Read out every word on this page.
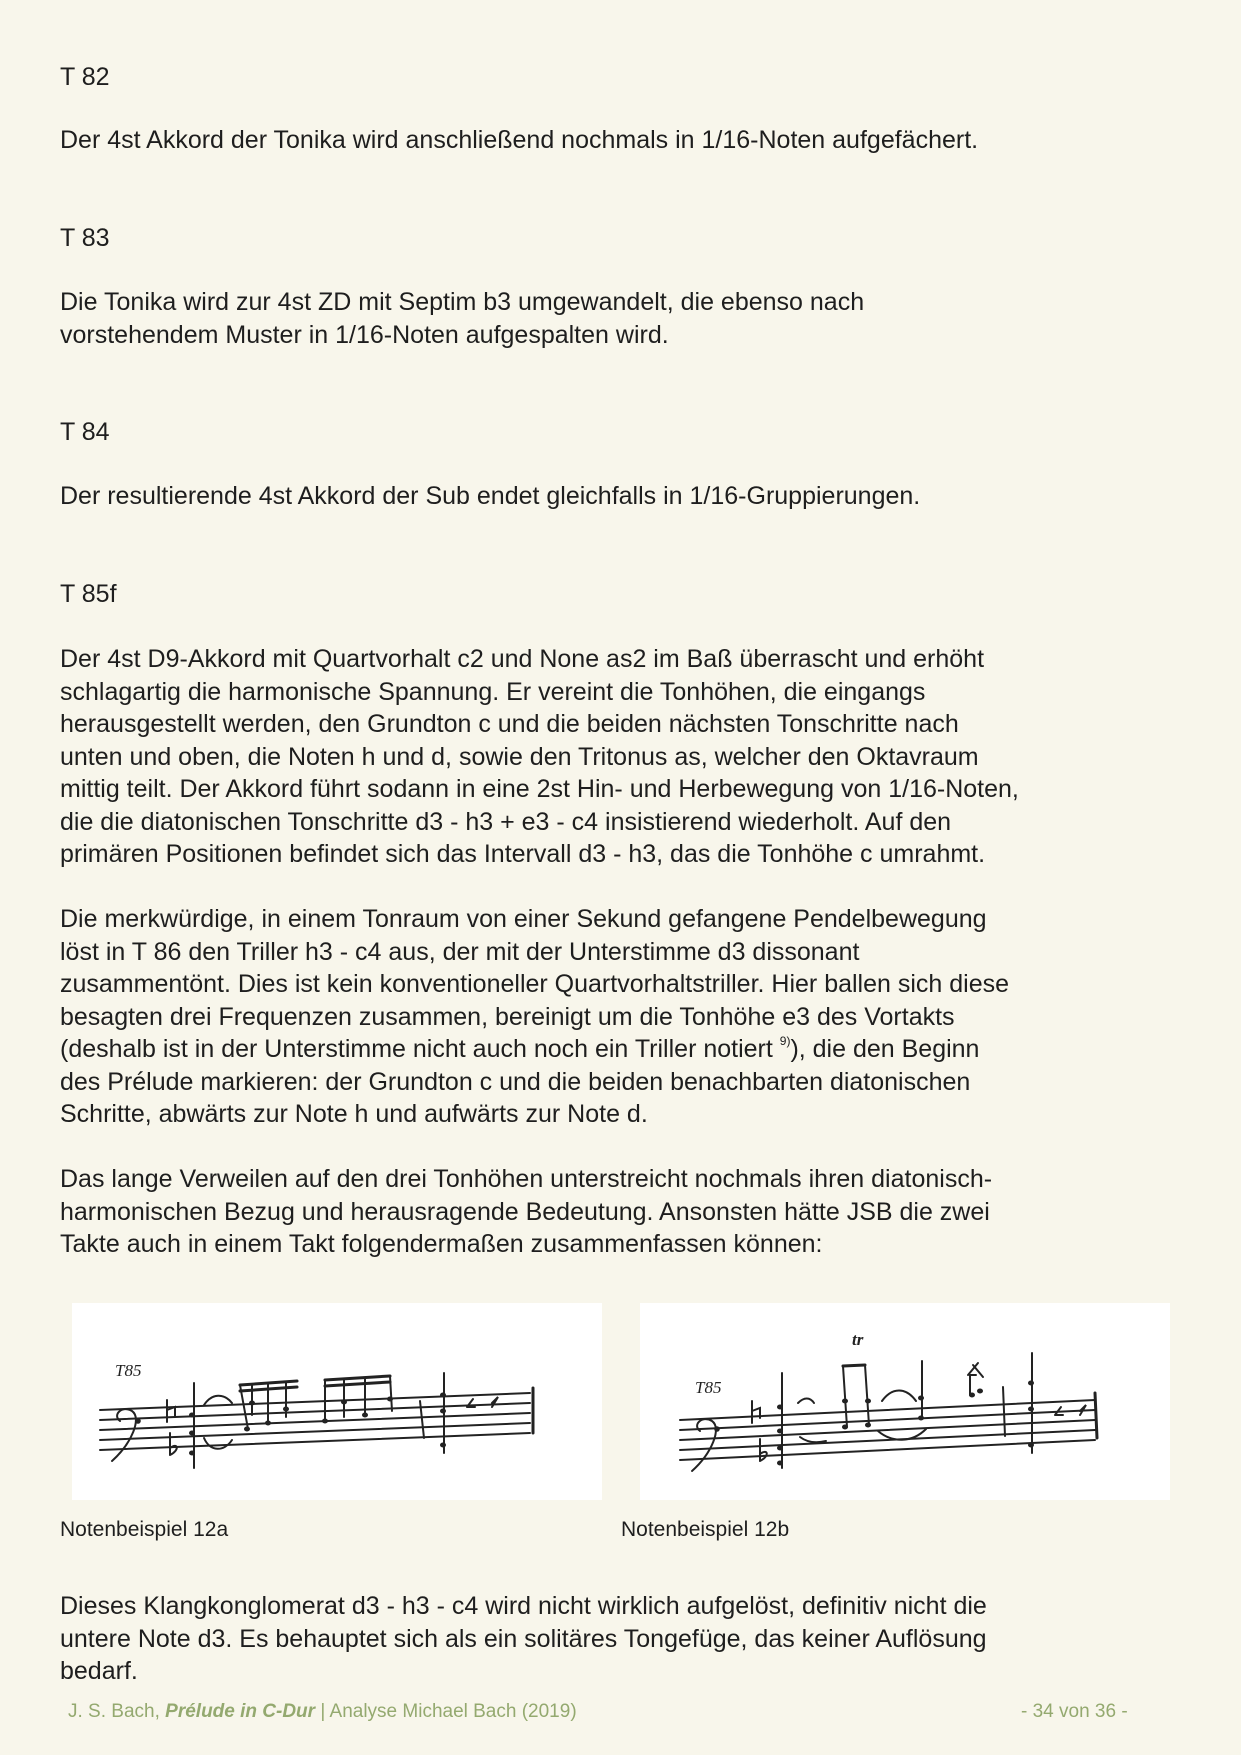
T 82
Der 4st Akkord der Tonika wird anschließend nochmals in 1/16-Noten aufgefächert.
T 83
Die Tonika wird zur 4st ZD mit Septim b3 umgewandelt, die ebenso nach
vorstehendem Muster in 1/16-Noten aufgespalten wird.
T 84
Der resultierende 4st Akkord der Sub endet gleichfalls in 1/16-Gruppierungen.
T 85f
Der 4st D9-Akkord mit Quartvorhalt c2 und None as2 im Baß überrascht und erhöht
schlagartig die harmonische Spannung. Er vereint die Tonhöhen, die eingangs
herausgestellt werden, den Grundton c und die beiden nächsten Tonschritte nach
unten und oben, die Noten h und d, sowie den Tritonus as, welcher den Oktavraum
mittig teilt. Der Akkord führt sodann in eine 2st Hin- und Herbewegung von 1/16-Noten,
die die diatonischen Tonschritte d3 - h3 + e3 - c4 insistierend wiederholt. Auf den
primären Positionen befindet sich das Intervall d3 - h3, das die Tonhöhe c umrahmt.
Die merkwürdige, in einem Tonraum von einer Sekund gefangene Pendelbewegung
löst in T 86 den Triller h3 - c4 aus, der mit der Unterstimme d3 dissonant
zusammentönt. Dies ist kein konventioneller Quartvorhaltstriller. Hier ballen sich diese
besagten drei Frequenzen zusammen, bereinigt um die Tonhöhe e3 des Vortakts
(deshalb ist in der Unterstimme nicht auch noch ein Triller notiert $^{9)}$), die den Beginn
des Prélude markieren: der Grundton c und die beiden benachbarten diatonischen
Schritte, abwärts zur Note h und aufwärts zur Note d.
Das lange Verweilen auf den drei Tonhöhen unterstreicht nochmals ihren diatonisch-
harmonischen Bezug und herausragende Bedeutung. Ansonsten hätte JSB die zwei
Takte auch in einem Takt folgendermaßen zusammenfassen können:
T85
Notenbeispiel 12a
tr
T85
Notenbeispiel 12b
Dieses Klangkonglomerat d3 - h3 - c4 wird nicht wirklich aufgelöst, definitiv nicht die
untere Note d3. Es behauptet sich als ein solitäres Tongefüge, das keiner Auflösung
bedarf.
J. S. Bach, Prélude in C-Dur | Analyse Michael Bach (2019)	- 34 von 36 -
